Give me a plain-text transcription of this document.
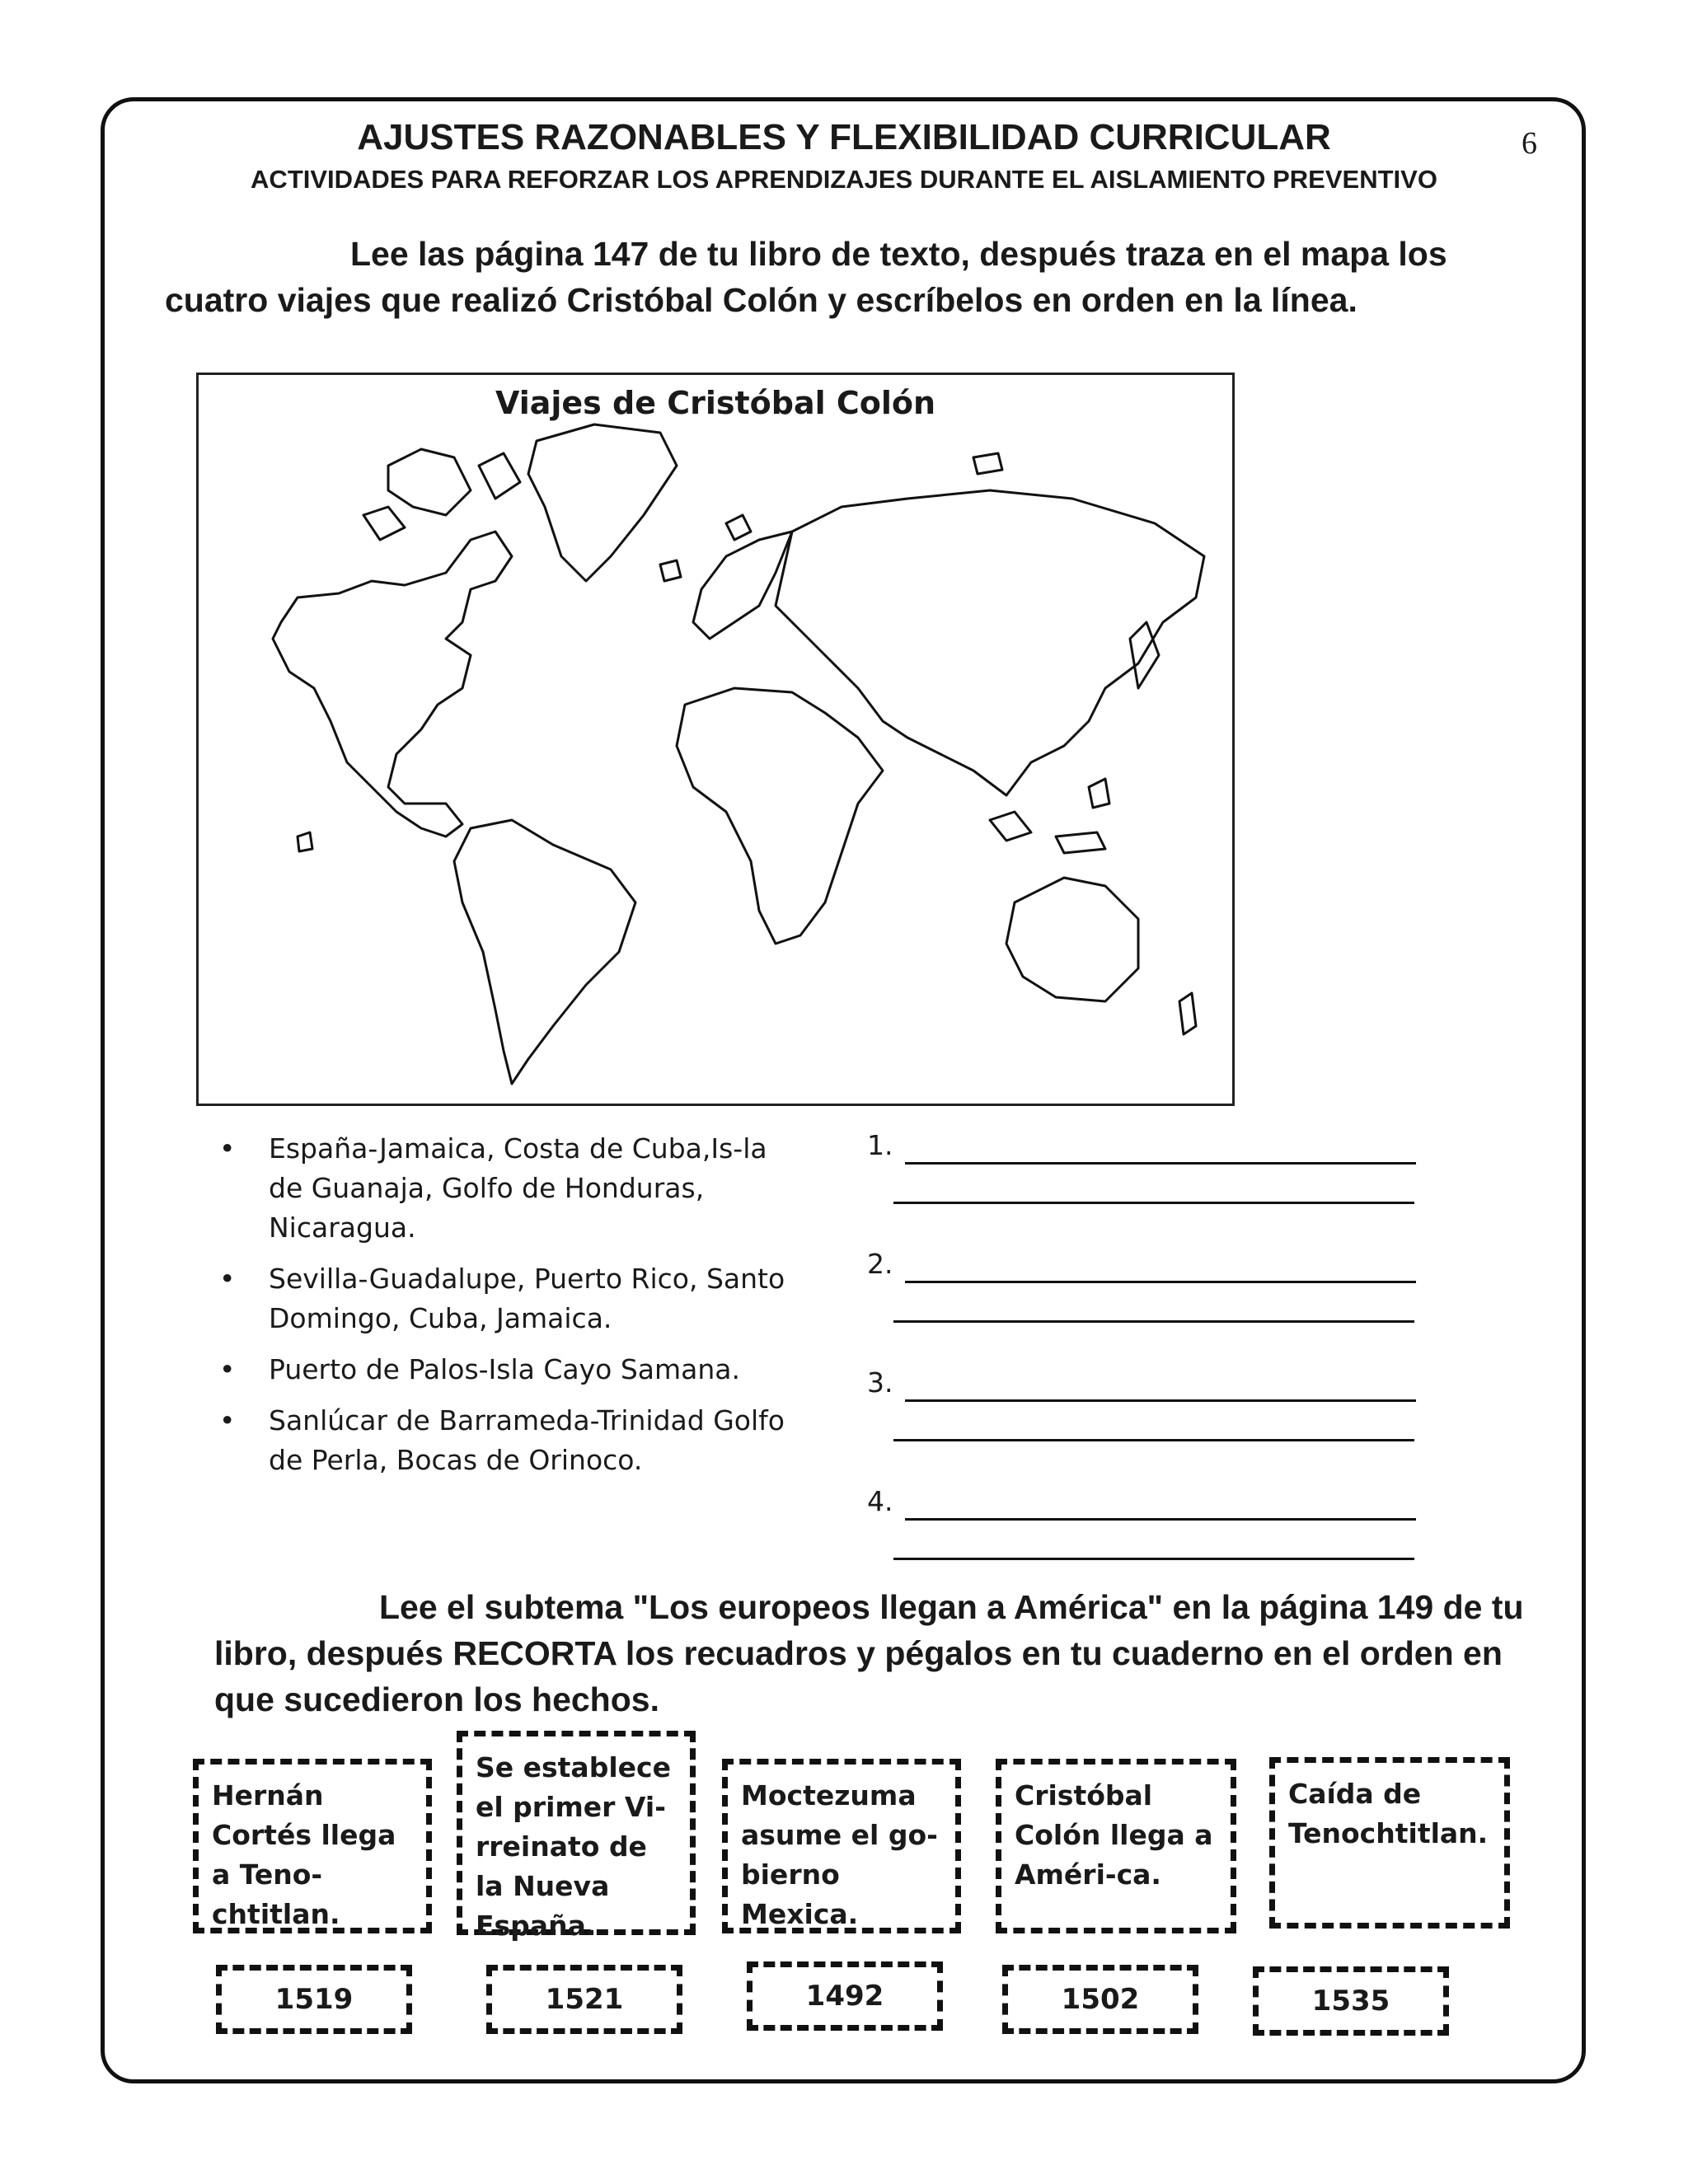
AJUSTES RAZONABLES Y FLEXIBILIDAD CURRICULAR
ACTIVIDADES PARA REFORZAR LOS APRENDIZAJES DURANTE EL AISLAMIENTO PREVENTIVO
6
Lee las página 147 de tu libro de texto, después traza en el mapa los cuatro viajes que realizó Cristóbal Colón y escríbelos en orden en la línea.
Viajes de Cristóbal Colón
• España-Jamaica, Costa de Cuba,Is-la de Guanaja, Golfo de Honduras, Nicaragua.
• Sevilla-Guadalupe, Puerto Rico, Santo Domingo, Cuba, Jamaica.
• Puerto de Palos-Isla Cayo Samana.
• Sanlúcar de Barrameda-Trinidad Golfo de Perla, Bocas de Orinoco.
1.
2.
3.
4.
Lee el subtema "Los europeos llegan a América" en la página 149 de tu libro, después RECORTA los recuadros y pégalos en tu cuaderno en el orden en que sucedieron los hechos.
Hernán Cortés llega a Teno-chtitlan.
Se establece el primer Vi-rreinato de la Nueva España.
Moctezuma asume el go-bierno Mexica.
Cristóbal Colón llega a Améri-ca.
Caída de Tenochtitlan.
1519	1521	1492	1502	1535
